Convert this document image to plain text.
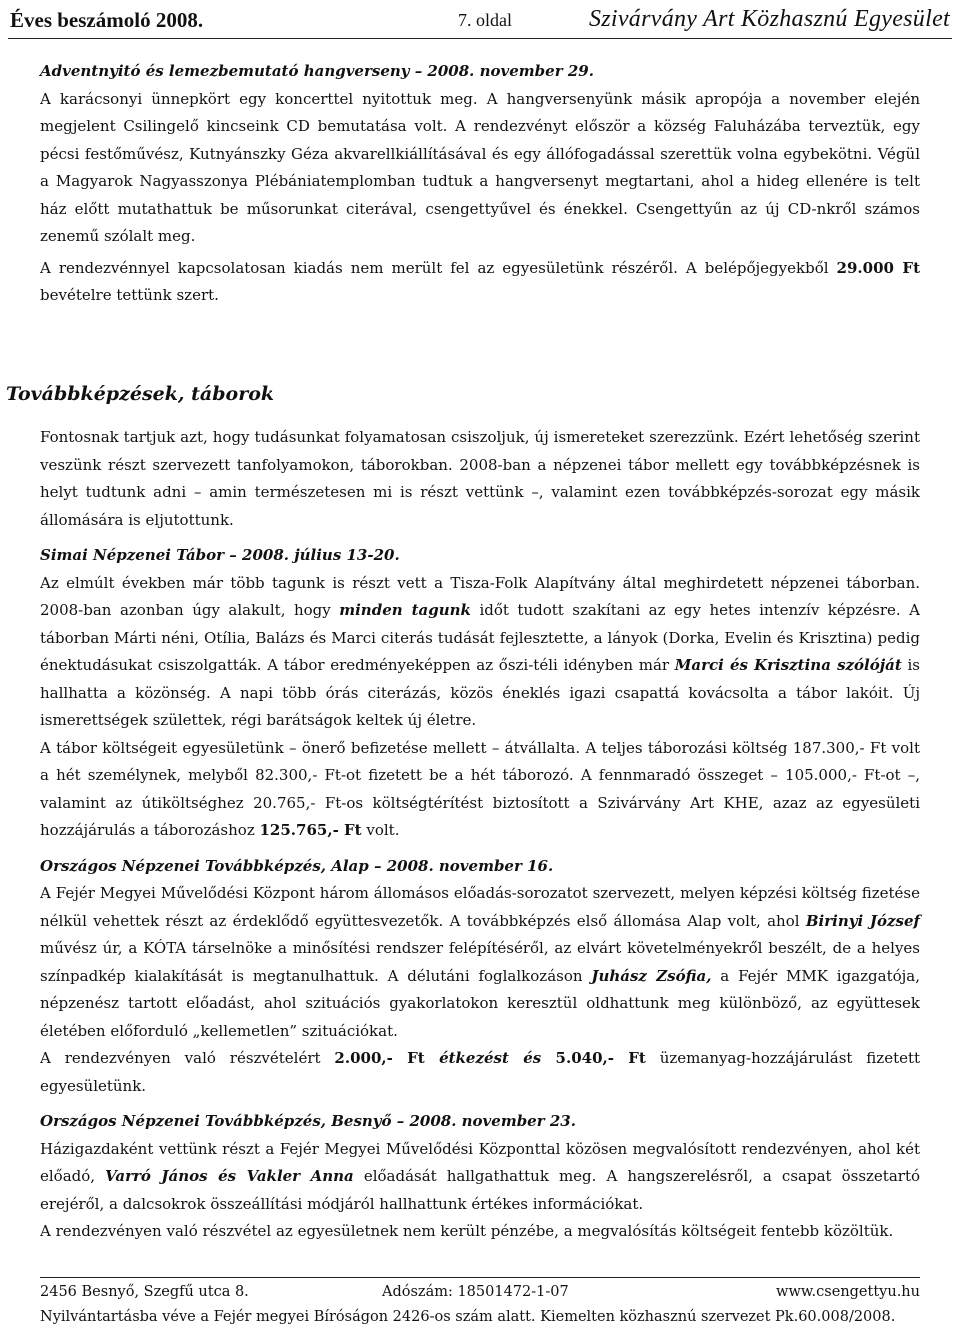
Éves beszámoló 2008.	7. oldal	Szivárvány Art Közhasznú Egyesület

Adventnyitó és lemezbemutató hangverseny – 2008. november 29.

A karácsonyi ünnepkört egy koncerttel nyitottuk meg. A hangversenyünk másik apropója a november elején megjelent Csilingelő kincseink CD bemutatása volt. A rendezvényt először a község Faluházába terveztük, egy pécsi festőművész, Kutnyánszky Géza akvarellkiállításával és egy állófogadással szerettük volna egybekötni. Végül a Magyarok Nagyasszonya Plébániatemplomban tudtuk a hangversenyt megtartani, ahol a hideg ellenére is telt ház előtt mutathattuk be műsorunkat citerával, csengettyűvel és énekkel. Csengettyűn az új CD-nkről számos zenemű szólalt meg.

A rendezvénnyel kapcsolatosan kiadás nem merült fel az egyesületünk részéről. A belépőjegyekből 29.000 Ft bevételre tettünk szert.

Továbbképzések, táborok

Fontosnak tartjuk azt, hogy tudásunkat folyamatosan csiszoljuk, új ismereteket szerezzünk. Ezért lehetőség szerint veszünk részt szervezett tanfolyamokon, táborokban. 2008-ban a népzenei tábor mellett egy továbbképzésnek is helyt tudtunk adni – amin természetesen mi is részt vettünk –, valamint ezen továbbképzés-sorozat egy másik állomására is eljutottunk.

Simai Népzenei Tábor – 2008. július 13-20.

Az elmúlt években már több tagunk is részt vett a Tisza-Folk Alapítvány által meghirdetett népzenei táborban. 2008-ban azonban úgy alakult, hogy minden tagunk időt tudott szakítani az egy hetes intenzív képzésre. A táborban Márti néni, Otília, Balázs és Marci citerás tudását fejlesztette, a lányok (Dorka, Evelin és Krisztina) pedig énektudásukat csiszolgatták. A tábor eredményeképpen az őszi-téli idényben már Marci és Krisztina szólóját is hallhatta a közönség. A napi több órás citerázás, közös éneklés igazi csapattá kovácsolta a tábor lakóit. Új ismerettségek születtek, régi barátságok keltek új életre.

A tábor költségeit egyesületünk – önerő befizetése mellett – átvállalta. A teljes táborozási költség 187.300,- Ft volt a hét személynek, melyből 82.300,- Ft-ot fizetett be a hét táborozó. A fennmaradó összeget – 105.000,- Ft-ot –, valamint az útiköltséghez 20.765,- Ft-os költségtérítést biztosított a Szivárvány Art KHE, azaz az egyesületi hozzájárulás a táborozáshoz 125.765,- Ft volt.

Országos Népzenei Továbbképzés, Alap – 2008. november 16.

A Fejér Megyei Művelődési Központ három állomásos előadás-sorozatot szervezett, melyen képzési költség fizetése nélkül vehettek részt az érdeklődő együttesvezetők. A továbbképzés első állomása Alap volt, ahol Birinyi József művész úr, a KÓTA társelnöke a minősítési rendszer felépítéséről, az elvárt követelményekről beszélt, de a helyes színpadkép kialakítását is megtanulhattuk. A délutáni foglalkozáson Juhász Zsófia, a Fejér MMK igazgatója, népzenész tartott előadást, ahol szituációs gyakorlatokon keresztül oldhattunk meg különböző, az együttesek életében előforduló „kellemetlen” szituációkat.

A rendezvényen való részvételért 2.000,- Ft étkezést és 5.040,- Ft üzemanyag-hozzájárulást fizetett egyesületünk.

Országos Népzenei Továbbképzés, Besnyő – 2008. november 23.

Házigazdaként vettünk részt a Fejér Megyei Művelődési Központtal közösen megvalósított rendezvényen, ahol két előadó, Varró János és Vakler Anna előadását hallgathattuk meg. A hangszerelésről, a csapat összetartó erejéről, a dalcsokrok összeállítási módjáról hallhattunk értékes információkat.

A rendezvényen való részvétel az egyesületnek nem került pénzébe, a megvalósítás költségeit fentebb közöltük.

2456 Besnyő, Szegfű utca 8.	Adószám: 18501472-1-07	www.csengettyu.hu
Nyilvántartásba véve a Fejér megyei Bíróságon 2426-os szám alatt. Kiemelten közhasznú szervezet Pk.60.008/2008.
